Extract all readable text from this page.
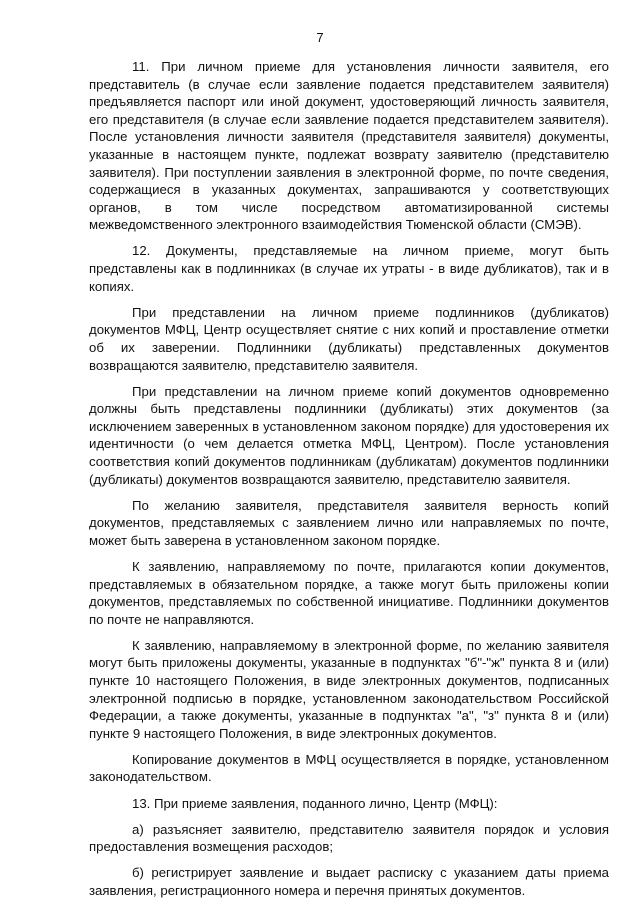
7

11. При личном приеме для установления личности заявителя, его представитель (в случае если заявление подается представителем заявителя) предъявляется паспорт или иной документ, удостоверяющий личность заявителя, его представителя (в случае если заявление подается представителем заявителя). После установления личности заявителя (представителя заявителя) документы, указанные в настоящем пункте, подлежат возврату заявителю (представителю заявителя). При поступлении заявления в электронной форме, по почте сведения, содержащиеся в указанных документах, запрашиваются у соответствующих органов, в том числе посредством автоматизированной системы межведомственного электронного взаимодействия Тюменской области (СМЭВ).

12. Документы, представляемые на личном приеме, могут быть представлены как в подлинниках (в случае их утраты - в виде дубликатов), так и в копиях.

При представлении на личном приеме подлинников (дубликатов) документов МФЦ, Центр осуществляет снятие с них копий и проставление отметки об их заверении. Подлинники (дубликаты) представленных документов возвращаются заявителю, представителю заявителя.

При представлении на личном приеме копий документов одновременно должны быть представлены подлинники (дубликаты) этих документов (за исключением заверенных в установленном законом порядке) для удостоверения их идентичности (о чем делается отметка МФЦ, Центром). После установления соответствия копий документов подлинникам (дубликатам) документов подлинники (дубликаты) документов возвращаются заявителю, представителю заявителя.

По желанию заявителя, представителя заявителя верность копий документов, представляемых с заявлением лично или направляемых по почте, может быть заверена в установленном законом порядке.

К заявлению, направляемому по почте, прилагаются копии документов, представляемых в обязательном порядке, а также могут быть приложены копии документов, представляемых по собственной инициативе. Подлинники документов по почте не направляются.

К заявлению, направляемому в электронной форме, по желанию заявителя могут быть приложены документы, указанные в подпунктах "б"-"ж" пункта 8 и (или) пункте 10 настоящего Положения, в виде электронных документов, подписанных электронной подписью в порядке, установленном законодательством Российской Федерации, а также документы, указанные в подпунктах "а", "з" пункта 8 и (или) пункте 9 настоящего Положения, в виде электронных документов.

Копирование документов в МФЦ осуществляется в порядке, установленном законодательством.

13. При приеме заявления, поданного лично, Центр (МФЦ):

а) разъясняет заявителю, представителю заявителя порядок и условия предоставления возмещения расходов;

б) регистрирует заявление и выдает расписку с указанием даты приема заявления, регистрационного номера и перечня принятых документов.
